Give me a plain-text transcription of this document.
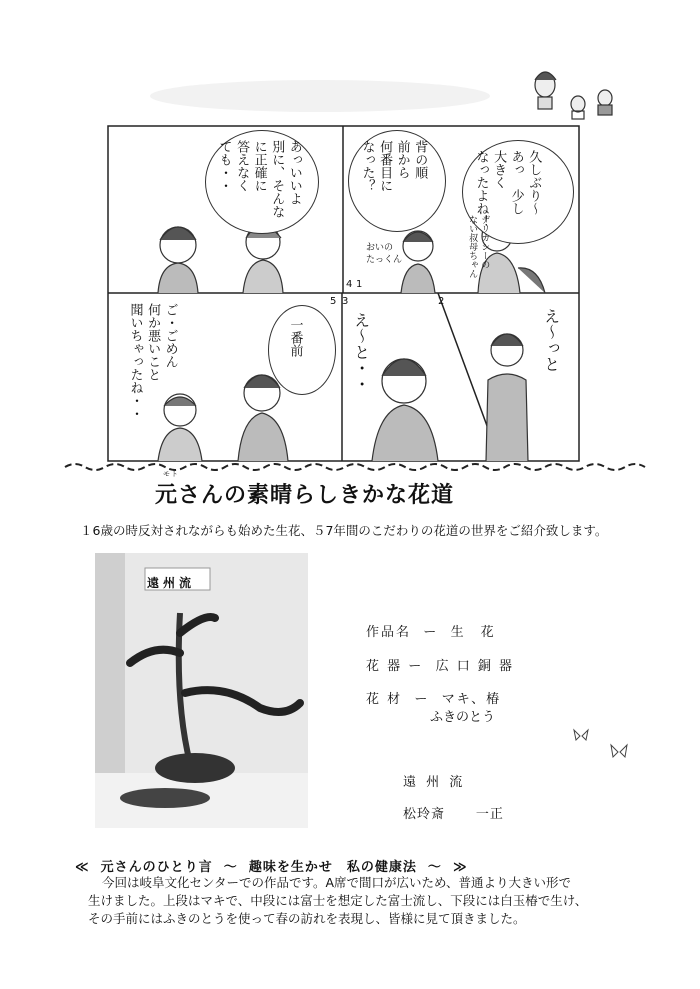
4
2
3
1
5
久しぶり～
あっ　少し
大きく
なったよね！
デリカシーの
ない叔母ちゃん
背の順
前から
何番目に
なった？
おいの
たっくん
あっいいよ
別に、そんな
に正確に
答えなく
ても・・
え～っと
え～と・・
一番前
ご・ごめん
何か悪いこと
聞いちゃったね・・
モト
元さんの素晴らしきかな花道
１6歳の時反対されながらも始めた生花、５7年間のこだわりの花道の世界をご紹介致します。
遠州流
作品名 ー 生　花
花 器 ー 広 口 銅 器
花 材 ー マキ、椿
ふきのとう
遠 州 流
松玲斎 一正
≪ 元さんのひとり言 ～ 趣味を生かせ　私の健康法 ～ ≫
今回は岐阜文化センターでの作品です。A席で間口が広いため、普通より大きい形で
生けました。上段はマキで、中段には富士を想定した富士流し、下段には白玉椿で生け、
その手前にはふきのとうを使って春の訪れを表現し、皆様に見て頂きました。
